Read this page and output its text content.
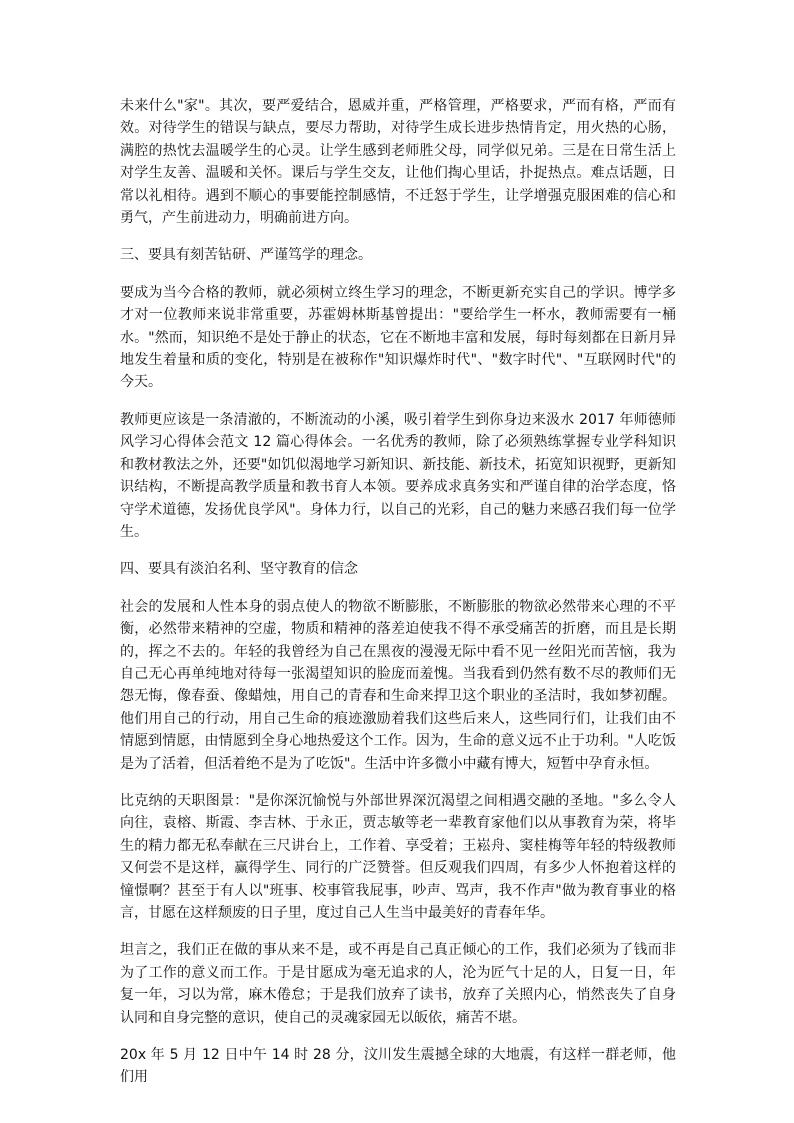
未来什么"家"。其次，要严爱结合，恩威并重，严格管理，严格要求，严而有格，严而有效。对待学生的错误与缺点，要尽力帮助，对待学生成长进步热情肯定，用火热的心肠，满腔的热忱去温暖学生的心灵。让学生感到老师胜父母，同学似兄弟。三是在日常生活上对学生友善、温暖和关怀。课后与学生交友，让他们掏心里话，扑捉热点。难点话题，日常以礼相待。遇到不顺心的事要能控制感情，不迁怒于学生，让学增强克服困难的信心和勇气，产生前进动力，明确前进方向。

三、要具有刻苦钻研、严谨笃学的理念。

要成为当今合格的教师，就必须树立终生学习的理念，不断更新充实自己的学识。博学多才对一位教师来说非常重要，苏霍姆林斯基曾提出："要给学生一杯水，教师需要有一桶水。"然而，知识绝不是处于静止的状态，它在不断地丰富和发展，每时每刻都在日新月异地发生着量和质的变化，特别是在被称作"知识爆炸时代"、"数字时代"、"互联网时代"的今天。

教师更应该是一条清澈的，不断流动的小溪，吸引着学生到你身边来汲水 2017 年师德师风学习心得体会范文 12 篇心得体会。一名优秀的教师，除了必须熟练掌握专业学科知识和教材教法之外，还要"如饥似渴地学习新知识、新技能、新技术，拓宽知识视野，更新知识结构，不断提高教学质量和教书育人本领。要养成求真务实和严谨自律的治学态度，恪守学术道德，发扬优良学风"。身体力行，以自己的光彩，自己的魅力来感召我们每一位学生。

四、要具有淡泊名利、坚守教育的信念

社会的发展和人性本身的弱点使人的物欲不断膨胀，不断膨胀的物欲必然带来心理的不平衡，必然带来精神的空虚，物质和精神的落差迫使我不得不承受痛苦的折磨，而且是长期的，挥之不去的。年轻的我曾经为自己在黑夜的漫漫无际中看不见一丝阳光而苦恼，我为自己无心再单纯地对待每一张渴望知识的脸庞而羞愧。当我看到仍然有数不尽的教师们无怨无悔，像春蚕、像蜡烛，用自己的青春和生命来捍卫这个职业的圣洁时，我如梦初醒。他们用自己的行动，用自己生命的痕迹激励着我们这些后来人，这些同行们，让我们由不情愿到情愿，由情愿到全身心地热爱这个工作。因为，生命的意义远不止于功利。"人吃饭是为了活着，但活着绝不是为了吃饭"。生活中许多微小中藏有博大，短暂中孕育永恒。

比克纳的天职图景："是你深沉愉悦与外部世界深沉渴望之间相遇交融的圣地。"多么令人向往，袁榕、斯霞、李吉林、于永正，贾志敏等老一辈教育家他们以从事教育为荣，将毕生的精力都无私奉献在三尺讲台上，工作着、享受着；王崧舟、窦桂梅等年轻的特级教师又何尝不是这样，赢得学生、同行的广泛赞誉。但反观我们四周，有多少人怀抱着这样的憧憬啊？甚至于有人以"班事、校事管我屁事，吵声、骂声，我不作声"做为教育事业的格言，甘愿在这样颓废的日子里，度过自己人生当中最美好的青春年华。

坦言之，我们正在做的事从来不是，或不再是自己真正倾心的工作，我们必须为了钱而非为了工作的意义而工作。于是甘愿成为毫无追求的人，沦为匠气十足的人，日复一日，年复一年，习以为常，麻木倦怠；于是我们放弃了读书，放弃了关照内心，悄然丧失了自身认同和自身完整的意识，使自己的灵魂家园无以皈依，痛苦不堪。

20x 年 5 月 12 日中午 14 时 28 分，汶川发生震撼全球的大地震，有这样一群老师，他们用
